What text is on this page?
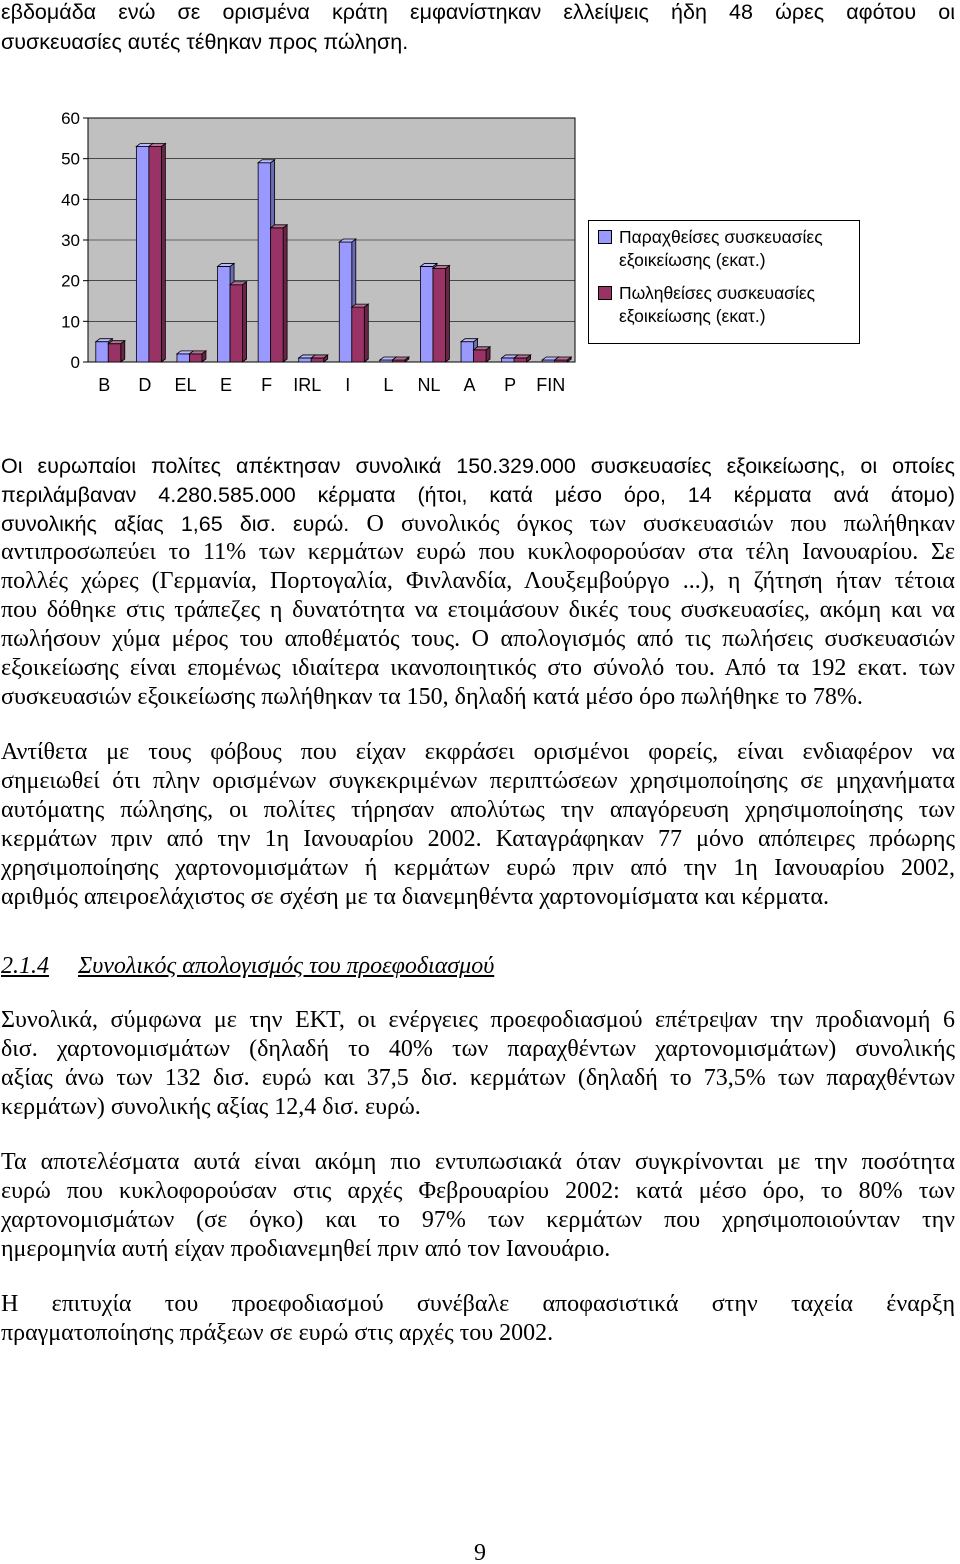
0
10
20
30
40
50
60
B D EL E F IRL I L NL A P FIN
Παραχθείσες συσκευασίες εξοικείωσης (εκατ.)
Πωληθείσες συσκευασίες εξοικείωσης (εκατ.)
εβδομάδα ενώ σε ορισμένα κράτη εμφανίστηκαν ελλείψεις ήδη 48 ώρες αφότου οι
συσκευασίες αυτές τέθηκαν προς πώληση.
Οι ευρωπαίοι πολίτες απέκτησαν συνολικά 150.329.000 συσκευασίες εξοικείωσης, οι οποίες
περιλάμβαναν 4.280.585.000 κέρματα (ήτοι, κατά μέσο όρο, 14 κέρματα ανά άτομο)
συνολικής αξίας 1,65 δισ. ευρώ. Ο συνολικός όγκος των συσκευασιών που πωλήθηκαν
αντιπροσωπεύει το 11% των κερμάτων ευρώ που κυκλοφορούσαν στα τέλη Ιανουαρίου. Σε
πολλές χώρες (Γερμανία, Πορτογαλία, Φινλανδία, Λουξεμβούργο ...), η ζήτηση ήταν τέτοια
που δόθηκε στις τράπεζες η δυνατότητα να ετοιμάσουν δικές τους συσκευασίες, ακόμη και να
πωλήσουν χύμα μέρος του αποθέματός τους. Ο απολογισμός από τις πωλήσεις συσκευασιών
εξοικείωσης είναι επομένως ιδιαίτερα ικανοποιητικός στο σύνολό του. Από τα 192 εκατ. των
συσκευασιών εξοικείωσης πωλήθηκαν τα 150, δηλαδή κατά μέσο όρο πωλήθηκε το 78%.
Αντίθετα με τους φόβους που είχαν εκφράσει ορισμένοι φορείς, είναι ενδιαφέρον να
σημειωθεί ότι πλην ορισμένων συγκεκριμένων περιπτώσεων χρησιμοποίησης σε μηχανήματα
αυτόματης πώλησης, οι πολίτες τήρησαν απολύτως την απαγόρευση χρησιμοποίησης των
κερμάτων πριν από την 1η Ιανουαρίου 2002. Καταγράφηκαν 77 μόνο απόπειρες πρόωρης
χρησιμοποίησης χαρτονομισμάτων ή κερμάτων ευρώ πριν από την 1η Ιανουαρίου 2002,
αριθμός απειροελάχιστος σε σχέση με τα διανεμηθέντα χαρτονομίσματα και κέρματα.
2.1.4 Συνολικός απολογισμός του προεφοδιασμού
Συνολικά, σύμφωνα με την ΕΚΤ, οι ενέργειες προεφοδιασμού επέτρεψαν την προδιανομή 6
δισ. χαρτονομισμάτων (δηλαδή το 40% των παραχθέντων χαρτονομισμάτων) συνολικής
αξίας άνω των 132 δισ. ευρώ και 37,5 δισ. κερμάτων (δηλαδή το 73,5% των παραχθέντων
κερμάτων) συνολικής αξίας 12,4 δισ. ευρώ.
Τα αποτελέσματα αυτά είναι ακόμη πιο εντυπωσιακά όταν συγκρίνονται με την ποσότητα
ευρώ που κυκλοφορούσαν στις αρχές Φεβρουαρίου 2002: κατά μέσο όρο, το 80% των
χαρτονομισμάτων (σε όγκο) και το 97% των κερμάτων που χρησιμοποιούνταν την
ημερομηνία αυτή είχαν προδιανεμηθεί πριν από τον Ιανουάριο.
Η επιτυχία του προεφοδιασμού συνέβαλε αποφασιστικά στην ταχεία έναρξη
πραγματοποίησης πράξεων σε ευρώ στις αρχές του 2002.
9
